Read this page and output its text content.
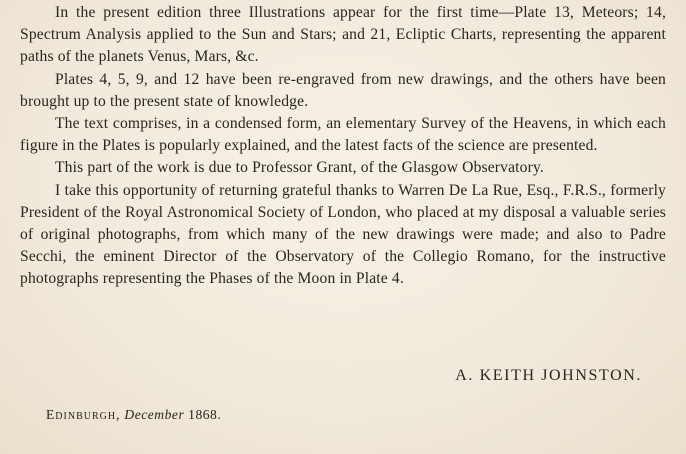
In the present edition three Illustrations appear for the first time—Plate 13, Meteors; 14, Spectrum Analysis applied to the Sun and Stars; and 21, Ecliptic Charts, representing the apparent paths of the planets Venus, Mars, &c.

Plates 4, 5, 9, and 12 have been re-engraved from new drawings, and the others have been brought up to the present state of knowledge.

The text comprises, in a condensed form, an elementary Survey of the Heavens, in which each figure in the Plates is popularly explained, and the latest facts of the science are presented.

This part of the work is due to Professor Grant, of the Glasgow Observatory.

I take this opportunity of returning grateful thanks to Warren De La Rue, Esq., F.R.S., formerly President of the Royal Astronomical Society of London, who placed at my disposal a valuable series of original photographs, from which many of the new drawings were made; and also to Padre Secchi, the eminent Director of the Observatory of the Collegio Romano, for the instructive photographs representing the Phases of the Moon in Plate 4.

A. KEITH JOHNSTON.
Edinburgh, December 1868.
